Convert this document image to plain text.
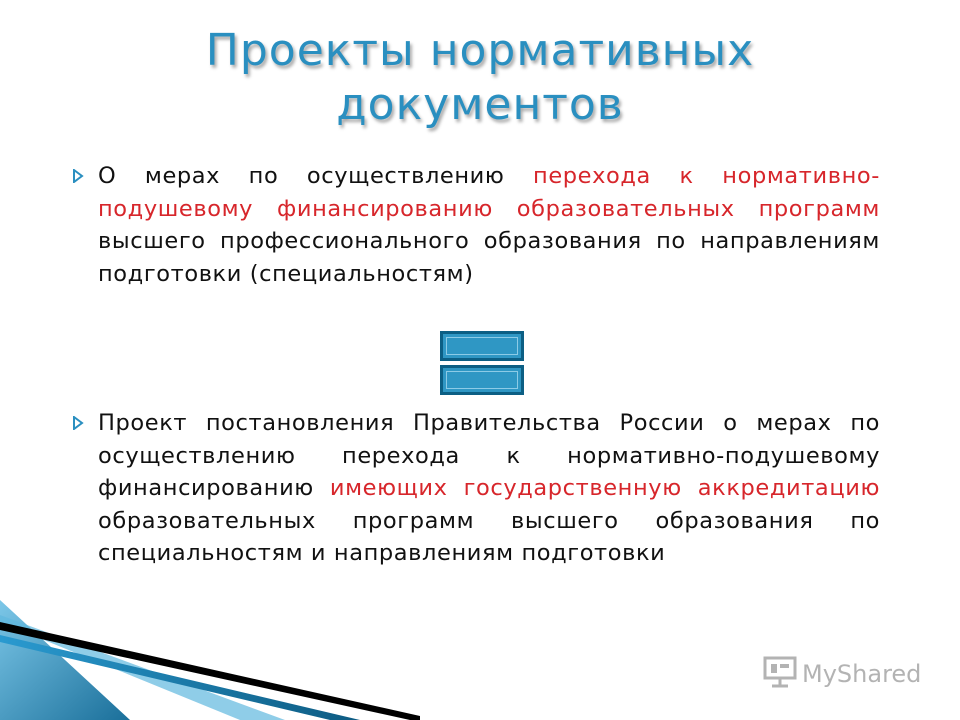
Проекты нормативных документов

О мерах по осуществлению перехода к нормативно-подушевому финансированию образовательных программ высшего профессионального образования по направлениям подготовки (специальностям)

Проект постановления Правительства России о мерах по осуществлению перехода к нормативно-подушевому финансированию имеющих государственную аккредитацию образовательных программ высшего образования по специальностям и направлениям подготовки

MyShared
